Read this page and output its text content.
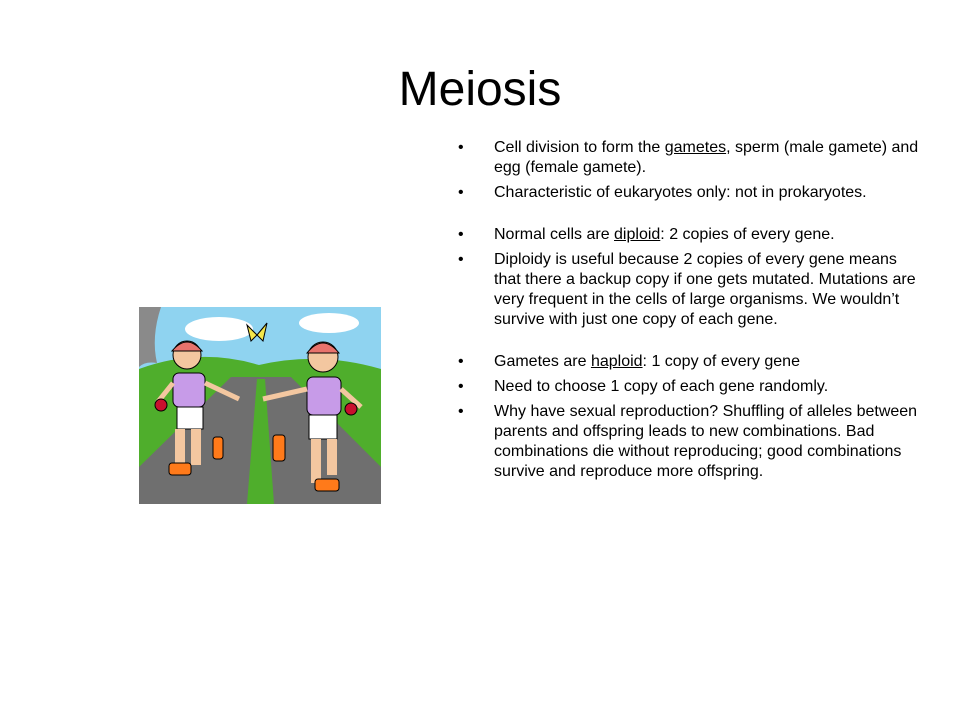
Meiosis
• Cell division to form the gametes, sperm (male gamete) and egg (female gamete).
• Characteristic of eukaryotes only: not in prokaryotes.
• Normal cells are diploid: 2 copies of every gene.
• Diploidy is useful because 2 copies of every gene means that there a backup copy if one gets mutated. Mutations are very frequent in the cells of large organisms. We wouldn’t survive with just one copy of each gene.
• Gametes are haploid: 1 copy of every gene
• Need to choose 1 copy of each gene randomly.
• Why have sexual reproduction? Shuffling of alleles between parents and offspring leads to new combinations. Bad combinations die without reproducing; good combinations survive and reproduce more offspring.
